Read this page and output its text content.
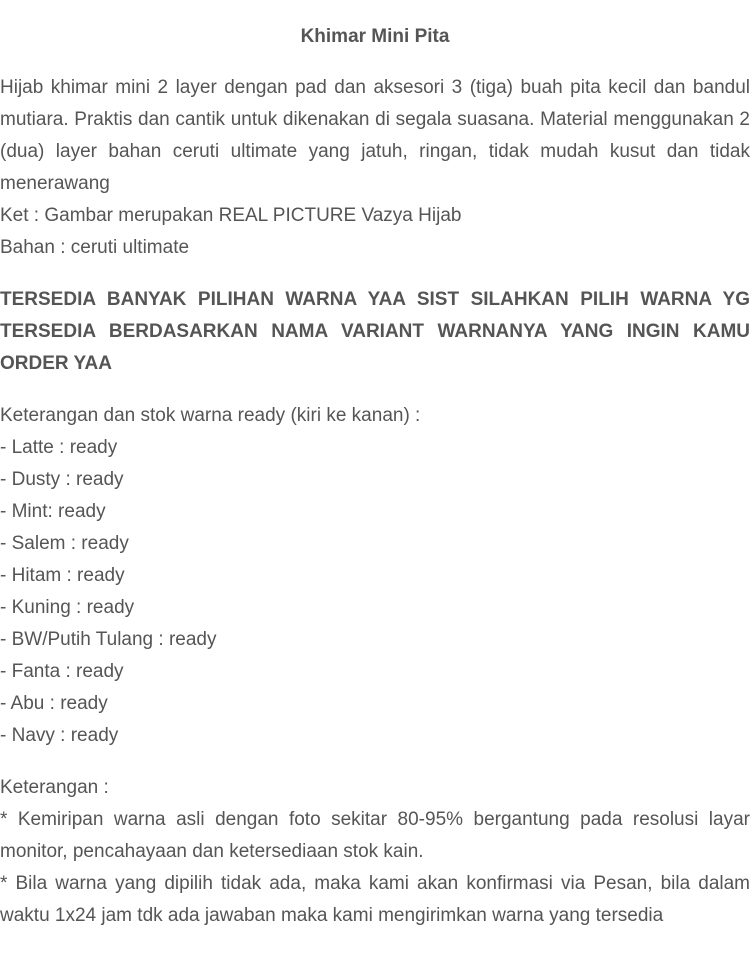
Khimar Mini Pita

Hijab khimar mini 2 layer dengan pad dan aksesori 3 (tiga) buah pita kecil dan bandul mutiara. Praktis dan cantik untuk dikenakan di segala suasana. Material menggunakan 2 (dua) layer bahan ceruti ultimate yang jatuh, ringan, tidak mudah kusut dan tidak menerawang

Ket : Gambar merupakan REAL PICTURE Vazya Hijab

Bahan : ceruti ultimate

TERSEDIA BANYAK PILIHAN WARNA YAA SIST SILAHKAN PILIH WARNA YG TERSEDIA BERDASARKAN NAMA VARIANT WARNANYA YANG INGIN KAMU ORDER YAA

Keterangan dan stok warna ready (kiri ke kanan) :

- Latte : ready

- Dusty : ready

- Mint: ready

- Salem : ready

- Hitam : ready

- Kuning : ready

- BW/Putih Tulang : ready

- Fanta : ready

- Abu : ready

- Navy : ready

Keterangan :

* Kemiripan warna asli dengan foto sekitar 80-95% bergantung pada resolusi layar monitor, pencahayaan dan ketersediaan stok kain.

* Bila warna yang dipilih tidak ada, maka kami akan konfirmasi via Pesan, bila dalam waktu 1x24 jam tdk ada jawaban maka kami mengirimkan warna yang tersedia
